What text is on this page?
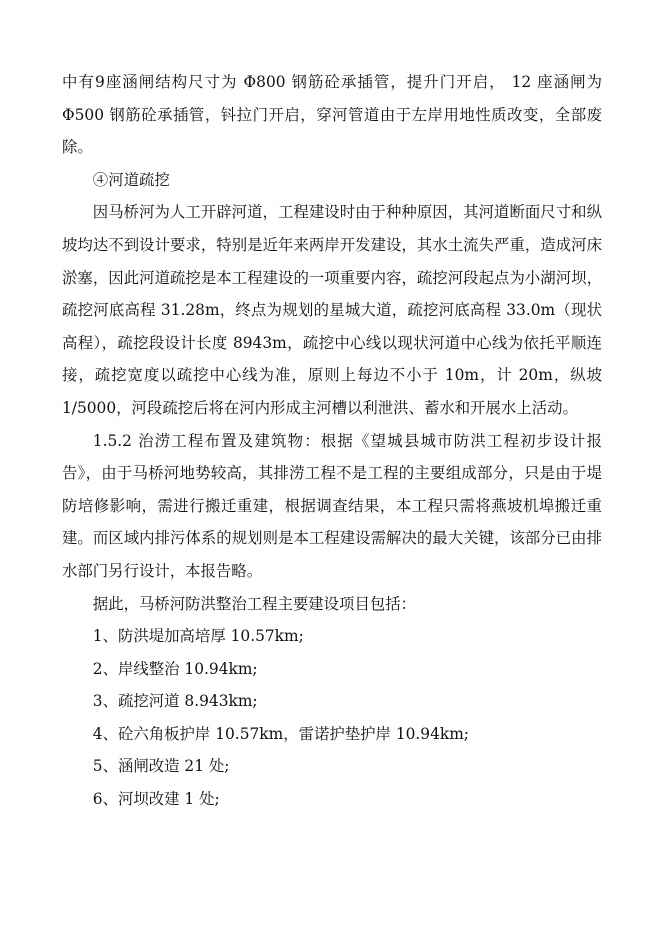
中有9座涵闸结构尺寸为 Φ800 钢筋砼承插管，提升门开启， 12 座涵闸为 Φ500 钢筋砼承插管，钭拉门开启，穿河管道由于左岸用地性质改变，全部废除。

④河道疏挖

因马桥河为人工开辟河道，工程建设时由于种种原因，其河道断面尺寸和纵坡均达不到设计要求，特别是近年来两岸开发建设，其水土流失严重，造成河床淤塞，因此河道疏挖是本工程建设的一项重要内容，疏挖河段起点为小湖河坝，疏挖河底高程 31.28m，终点为规划的星城大道，疏挖河底高程 33.0m（现状高程），疏挖段设计长度 8943m，疏挖中心线以现状河道中心线为依托平顺连接，疏挖宽度以疏挖中心线为准，原则上每边不小于 10m，计 20m，纵坡 1/5000，河段疏挖后将在河内形成主河槽以利泄洪、蓄水和开展水上活动。

1.5.2 治涝工程布置及建筑物：根据《望城县城市防洪工程初步设计报告》，由于马桥河地势较高，其排涝工程不是工程的主要组成部分，只是由于堤防培修影响，需进行搬迁重建，根据调查结果，本工程只需将燕坡机埠搬迁重建。而区域内排污体系的规划则是本工程建设需解决的最大关键，该部分已由排水部门另行设计，本报告略。

据此，马桥河防洪整治工程主要建设项目包括：

1、防洪堤加高培厚 10.57km;

2、岸线整治 10.94km;

3、疏挖河道 8.943km;

4、砼六角板护岸 10.57km，雷诺护垫护岸 10.94km;

5、涵闸改造 21 处;

6、河坝改建 1 处;
